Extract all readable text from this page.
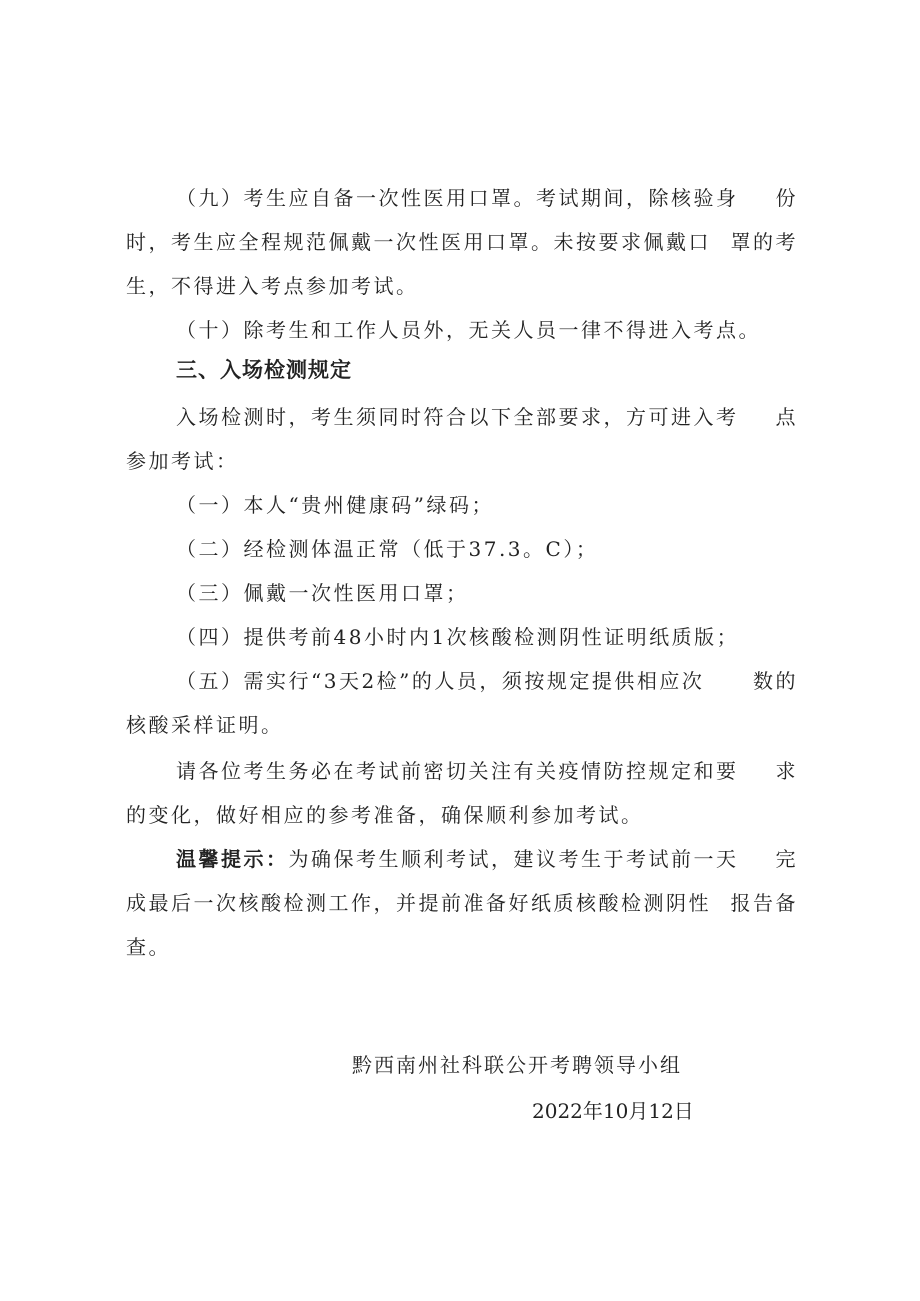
（九）考生应自备一次性医用口罩。考试期间，除核验身 份
时，考生应全程规范佩戴一次性医用口罩。未按要求佩戴口 罩的考
生，不得进入考点参加考试。
（十）除考生和工作人员外，无关人员一律不得进入考点。
三、入场检测规定
入场检测时，考生须同时符合以下全部要求，方可进入考 点
参加考试：
（一）本人“贵州健康码”绿码；
（二）经检测体温正常（低于37.3。C）；
（三）佩戴一次性医用口罩；
（四）提供考前48小时内1次核酸检测阴性证明纸质版；
（五）需实行“3天2检”的人员，须按规定提供相应次 数的
核酸采样证明。
请各位考生务必在考试前密切关注有关疫情防控规定和要 求
的变化，做好相应的参考准备，确保顺利参加考试。
温馨提示：为确保考生顺利考试，建议考生于考试前一天 完
成最后一次核酸检测工作，并提前准备好纸质核酸检测阴性 报告备
查。
黔西南州社科联公开考聘领导小组
2022年10月12日
